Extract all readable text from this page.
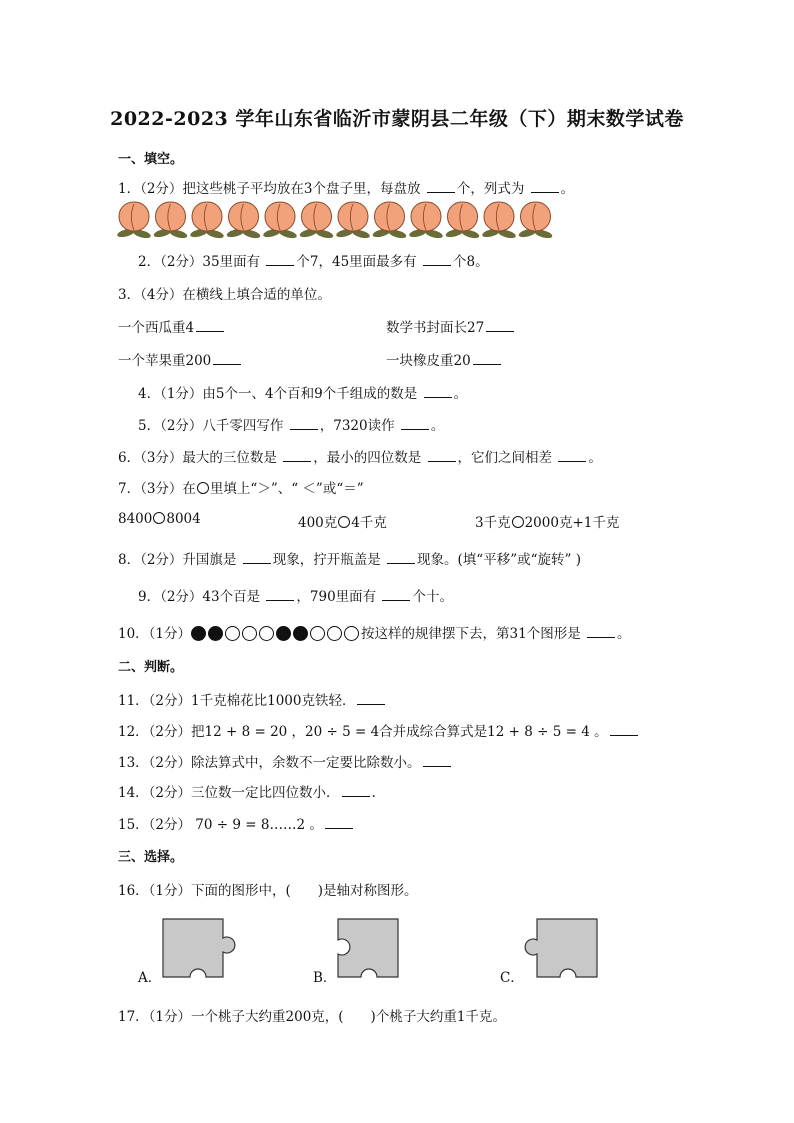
2022-2023 学年山东省临沂市蒙阴县二年级（下）期末数学试卷
一、填空。
1．（2分）把这些桃子平均放在3个盘子里，每盘放	个，列式为	。
2．（2分）35里面有	个7，45里面最多有	个8。
3．（4分）在横线上填合适的单位。
一个西瓜重4	数学书封面长27
一个苹果重200	一块橡皮重20
4．（1分）由5个一、4个百和9个千组成的数是	。
5．（2分）八千零四写作	，7320读作	。
6．（3分）最大的三位数是	，最小的四位数是	，它们之间相差	。
7．（3分）在 里填上“＞”、“ ＜”或“＝”
8400 8004	400克 4千克	3千克 2000克+1千克
8．（2分）升国旗是	现象，拧开瓶盖是	现象。(填“平移”或“旋转” )
9．（2分）43个百是	，790里面有	个十。
10．（1分）	按这样的规律摆下去，第31个图形是	。
二、判断。
11．（2分）1千克棉花比1000克铁轻．
12．（2分）把12 + 8 = 20 ，20 ÷ 5 = 4合并成综合算式是12 + 8 ÷ 5 = 4 。
13．（2分）除法算式中，余数不一定要比除数小。
14．（2分）三位数一定比四位数小． .
15．（2分） 70 ÷ 9 = 8……2 。
三、选择。
16．（1分）下面的图形中，(　　)是轴对称图形。
A．	B．	C．
17．（1分）一个桃子大约重200克，(　　)个桃子大约重1千克。
